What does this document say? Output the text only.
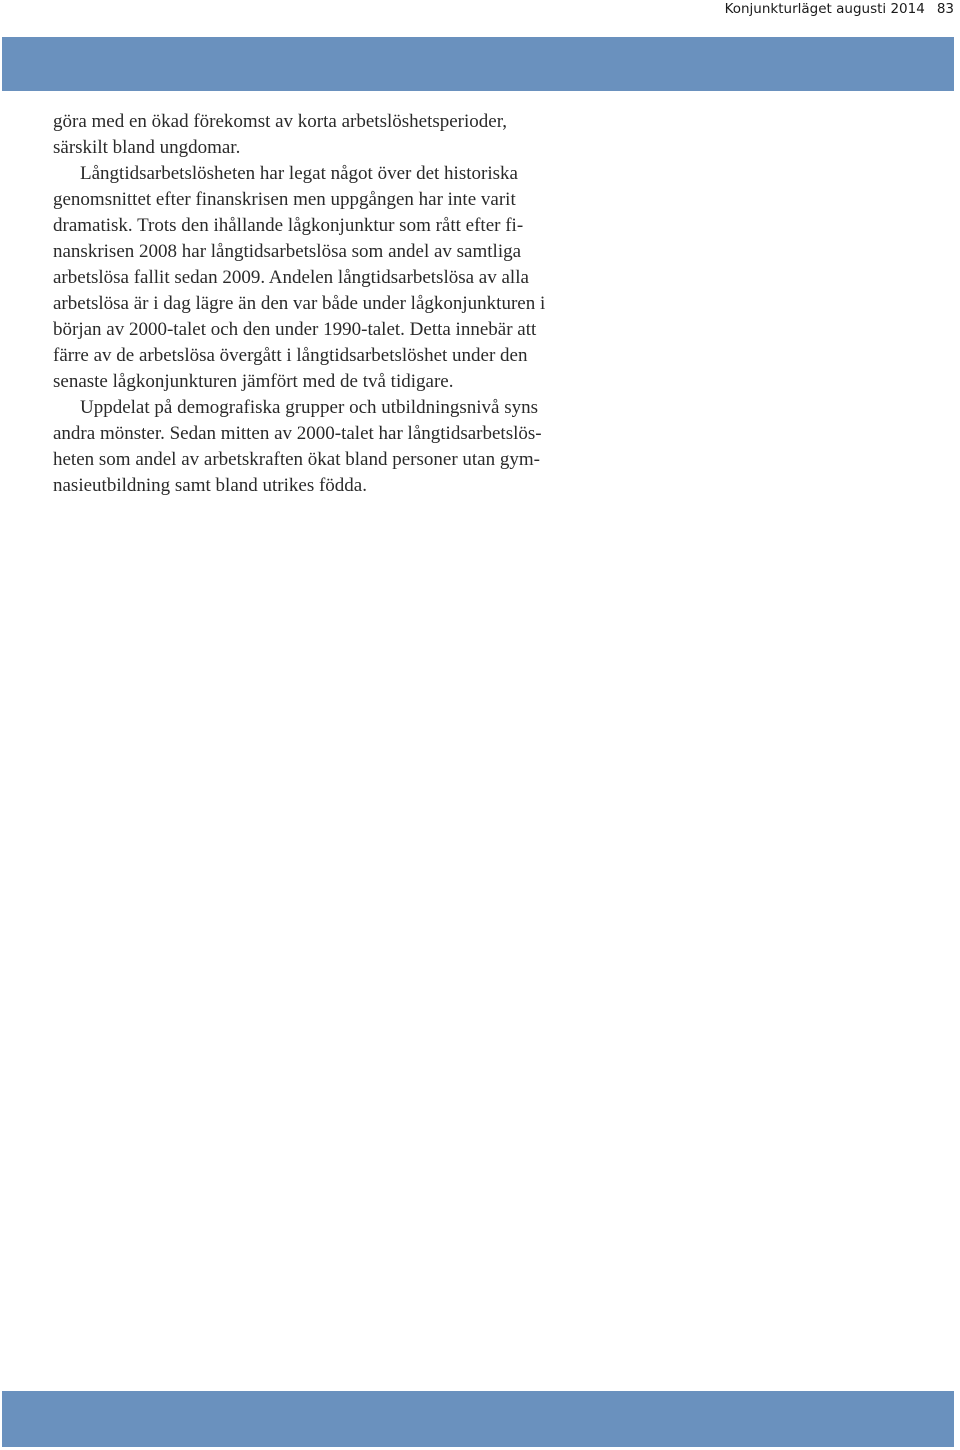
Konjunkturläget augusti 2014 83

göra med en ökad förekomst av korta arbetslöshetsperioder,
särskilt bland ungdomar.

Långtidsarbetslösheten har legat något över det historiska
genomsnittet efter finanskrisen men uppgången har inte varit
dramatisk. Trots den ihållande lågkonjunktur som rått efter fi-
nanskrisen 2008 har långtidsarbetslösa som andel av samtliga
arbetslösa fallit sedan 2009. Andelen långtidsarbetslösa av alla
arbetslösa är i dag lägre än den var både under lågkonjunkturen i
början av 2000-talet och den under 1990-talet. Detta innebär att
färre av de arbetslösa övergått i långtidsarbetslöshet under den
senaste lågkonjunkturen jämfört med de två tidigare.

Uppdelat på demografiska grupper och utbildningsnivå syns
andra mönster. Sedan mitten av 2000-talet har långtidsarbetslös-
heten som andel av arbetskraften ökat bland personer utan gym-
nasieutbildning samt bland utrikes födda.
